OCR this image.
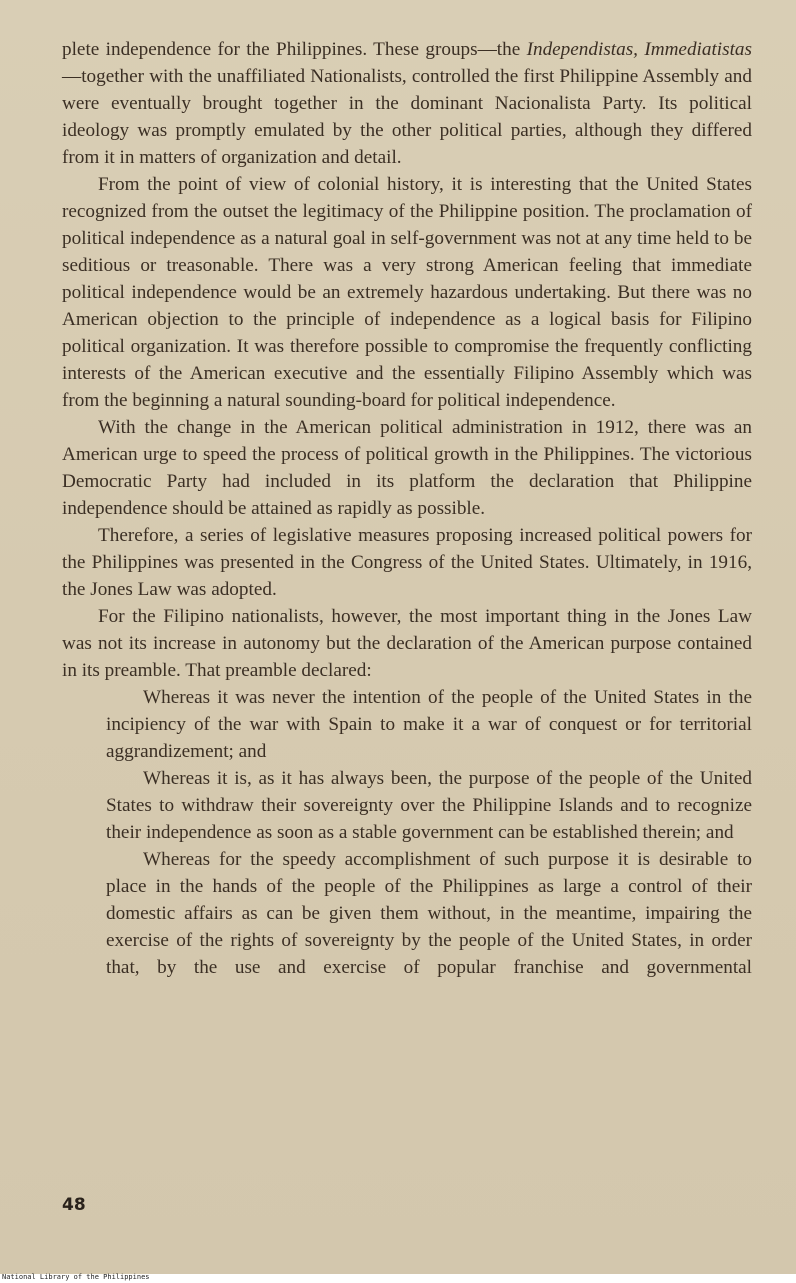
plete independence for the Philippines. These groups—the Independistas, Immediatistas—together with the unaffiliated Nationalists, controlled the first Philippine Assembly and were eventually brought together in the dominant Nacionalista Party. Its political ideology was promptly emulated by the other political parties, although they differed from it in matters of organization and detail.

From the point of view of colonial history, it is interesting that the United States recognized from the outset the legitimacy of the Philippine position. The proclamation of political independence as a natural goal in self-government was not at any time held to be seditious or treasonable. There was a very strong American feeling that immediate political independence would be an extremely hazardous undertaking. But there was no American objection to the principle of independence as a logical basis for Filipino political organization. It was therefore possible to compromise the frequently conflicting interests of the American executive and the essentially Filipino Assembly which was from the beginning a natural sounding-board for political independence.

With the change in the American political administration in 1912, there was an American urge to speed the process of political growth in the Philippines. The victorious Democratic Party had included in its platform the declaration that Philippine independence should be attained as rapidly as possible.

Therefore, a series of legislative measures proposing increased political powers for the Philippines was presented in the Congress of the United States. Ultimately, in 1916, the Jones Law was adopted.

For the Filipino nationalists, however, the most important thing in the Jones Law was not its increase in autonomy but the declaration of the American purpose contained in its preamble. That preamble declared:

Whereas it was never the intention of the people of the United States in the incipiency of the war with Spain to make it a war of conquest or for territorial aggrandizement; and

Whereas it is, as it has always been, the purpose of the people of the United States to withdraw their sovereignty over the Philippine Islands and to recognize their independence as soon as a stable government can be established therein; and

Whereas for the speedy accomplishment of such purpose it is desirable to place in the hands of the people of the Philippines as large a control of their domestic affairs as can be given them without, in the meantime, impairing the exercise of the rights of sovereignty by the people of the United States, in order that, by the use and exercise of popular franchise and governmental

48
National Library of the Philippines
